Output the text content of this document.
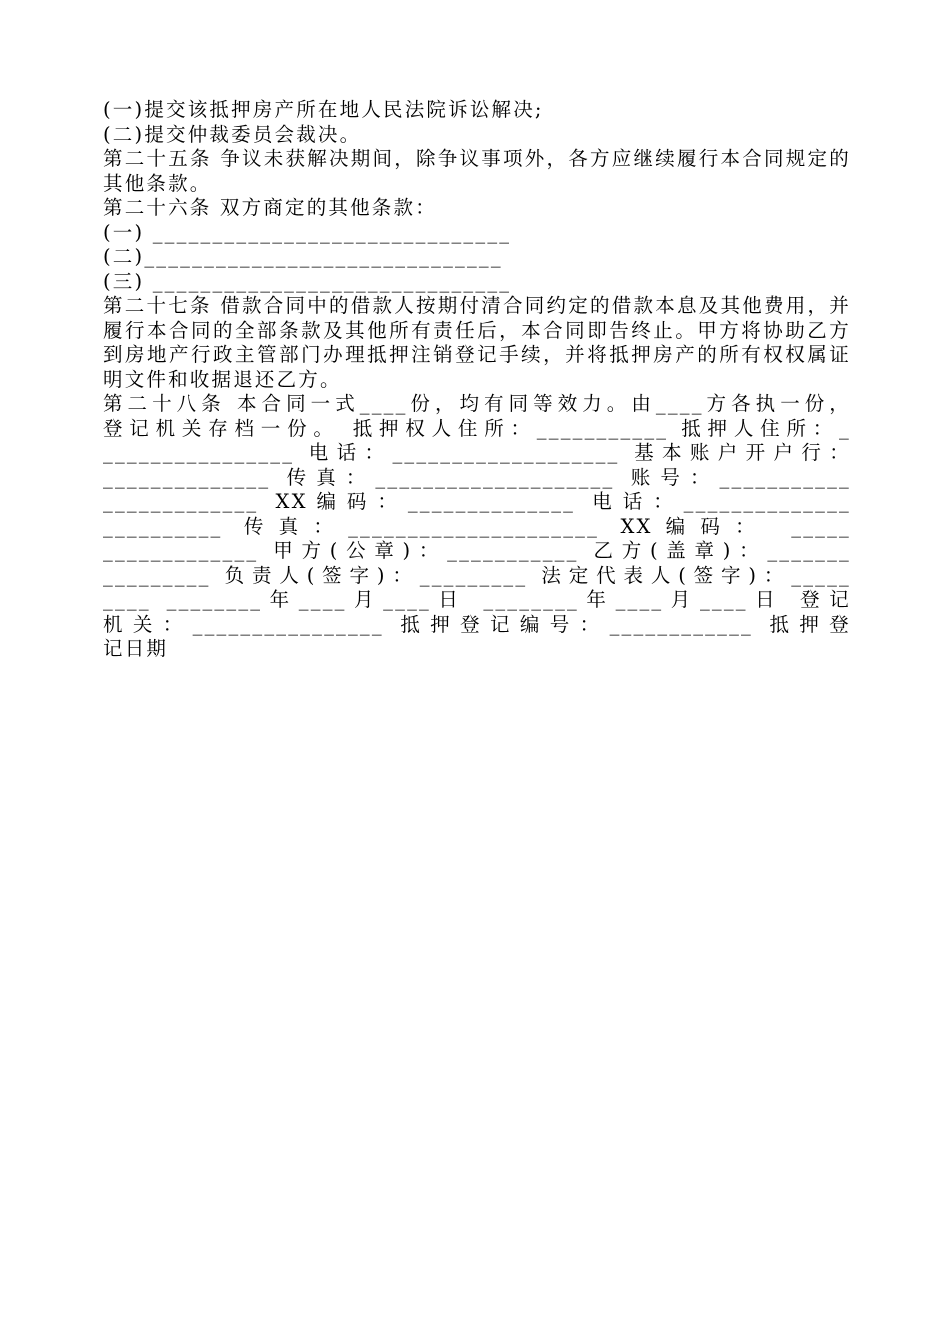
(一)提交该抵押房产所在地人民法院诉讼解决;

(二)提交仲裁委员会裁决。

第二十五条 争议未获解决期间，除争议事项外，各方应继续履行本合同规定的其他条款。

第二十六条 双方商定的其他条款：

(一) ______________________________

(二)______________________________

(三) ______________________________

第二十七条 借款合同中的借款人按期付清合同约定的借款本息及其他费用，并履行本合同的全部条款及其他所有责任后，本合同即告终止。甲方将协助乙方到房地产行政主管部门办理抵押注销登记手续，并将抵押房产的所有权权属证明文件和收据退还乙方。

第二十八条 本合同一式____份，均有同等效力。由____方各执一份，

登记机关存档一份。 抵押权人住所：___________ 抵押人住所：_

________________ 电话：___________________ 基本账户开户行：

______________ 传真：____________________ 账号：___________

_____________ XX编码：______________ 电话：______________

__________ 传真：_____________________ XX编码： _____

_____________ 甲方(公章)：___________ 乙方(盖章)：_______

_________ 负责人(签字)：_________ 法定代表人(签字)：_____

____ ________年____月____日 ________年____月____日 登记

机关：________________ 抵押登记编号：____________ 抵押登

记日期
